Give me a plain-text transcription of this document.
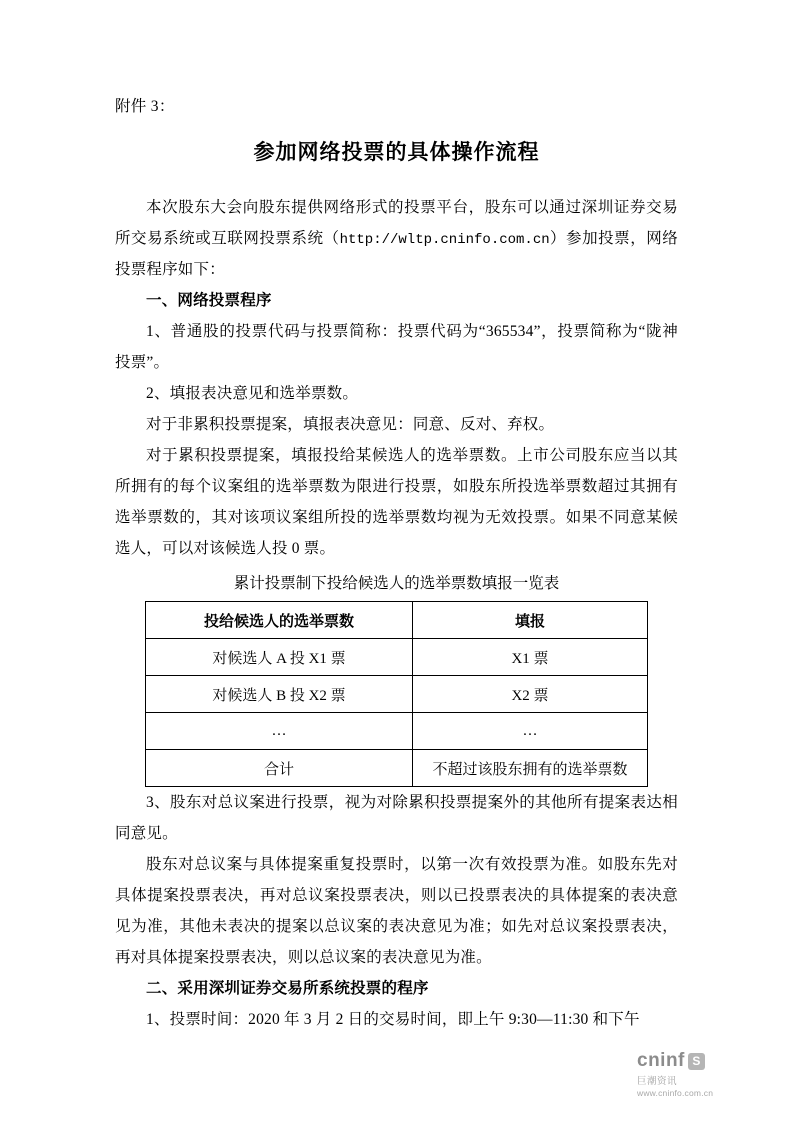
附件 3：
参加网络投票的具体操作流程

本次股东大会向股东提供网络形式的投票平台，股东可以通过深圳证券交易所交易系统或互联网投票系统（http://wltp.cninfo.com.cn）参加投票，网络投票程序如下：

一、网络投票程序

1、普通股的投票代码与投票简称：投票代码为“365534”，投票简称为“陇神投票”。

2、填报表决意见和选举票数。

对于非累积投票提案，填报表决意见：同意、反对、弃权。

对于累积投票提案，填报投给某候选人的选举票数。上市公司股东应当以其所拥有的每个议案组的选举票数为限进行投票，如股东所投选举票数超过其拥有选举票数的，其对该项议案组所投的选举票数均视为无效投票。如果不同意某候选人，可以对该候选人投 0 票。

累计投票制下投给候选人的选举票数填报一览表
投给候选人的选举票数	填报
对候选人 A 投 X1 票	X1 票
对候选人 B 投 X2 票	X2 票
…	…
合计	不超过该股东拥有的选举票数

3、股东对总议案进行投票，视为对除累积投票提案外的其他所有提案表达相同意见。

股东对总议案与具体提案重复投票时，以第一次有效投票为准。如股东先对具体提案投票表决，再对总议案投票表决，则以已投票表决的具体提案的表决意见为准，其他未表决的提案以总议案的表决意见为准；如先对总议案投票表决，再对具体提案投票表决，则以总议案的表决意见为准。

二、采用深圳证券交易所系统投票的程序

1、投票时间：2020 年 3 月 2 日的交易时间，即上午 9:30—11:30 和下午

cninf S
巨潮资讯
www.cninfo.com.cn
